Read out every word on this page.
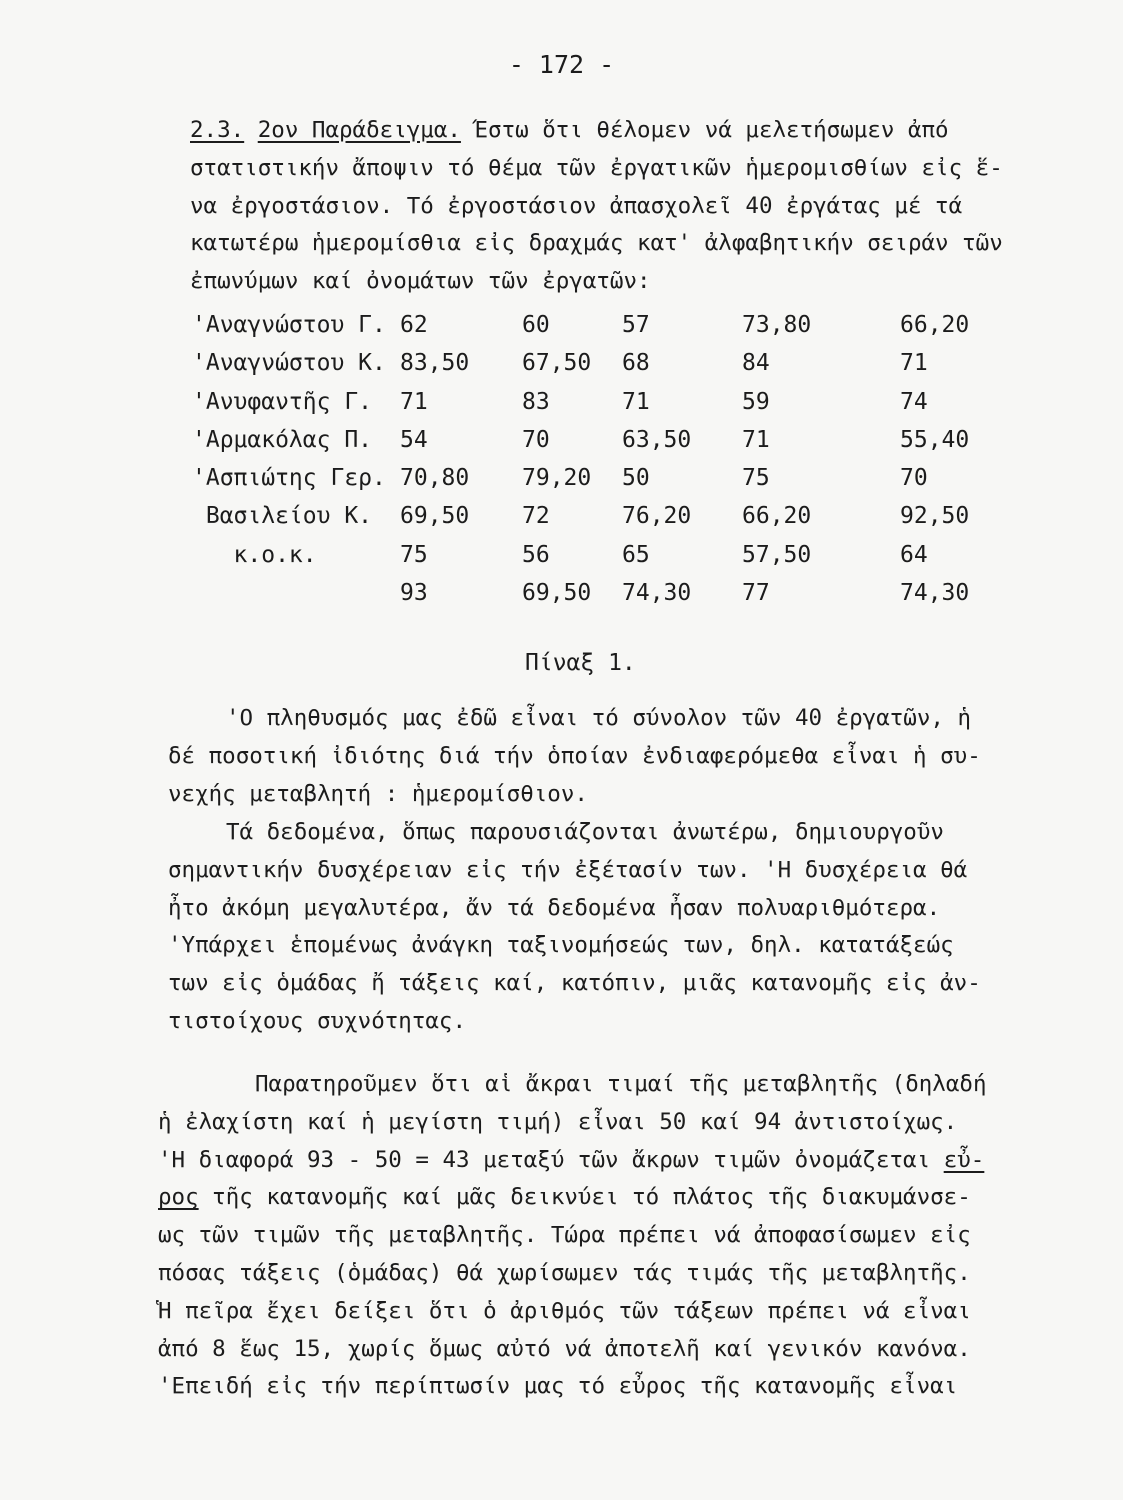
- 172 -
2.3. 2ον Παράδειγμα. Έστω ὅτι θέλομεν νά μελετήσωμεν ἀπό
στατιστικήν ἄποψιν τό θέμα τῶν ἐργατικῶν ἡμερομισθίων εἰς ἕ-
να ἐργοστάσιον. Τό ἐργοστάσιον ἀπασχολεῖ 40 ἐργάτας μέ τά
κατωτέρω ἡμερομίσθια εἰς δραχμάς κατ' ἀλφαβητικήν σειράν τῶν
ἐπωνύμων καί ὀνομάτων τῶν ἐργατῶν:
'Αναγνώστου Γ. 62	60	57	73,80	66,20
'Αναγνώστου Κ. 83,50 67,50 68	84	71
'Ανυφαντῆς Γ. 71	83	71	59	74
'Αρμακόλας Π. 54	70	63,50 71	55,40
'Ασπιώτης Γερ. 70,80 79,20 50	75	70
Βασιλείου Κ. 69,50 72	76,20 66,20	92,50
κ.ο.κ.	75	56	65	57,50	64
93	69,50 74,30 77	74,30
Πίναξ 1.
'Ο πληθυσμός μας ἐδῶ εἶναι τό σύνολον τῶν 40 ἐργατῶν, ἡ
δέ ποσοτική ἰδιότης διά τήν ὁποίαν ἐνδιαφερόμεθα εἶναι ἡ συ-
νεχής μεταβλητή : ἡμερομίσθιον.
Τά δεδομένα, ὅπως παρουσιάζονται ἀνωτέρω, δημιουργοῦν
σημαντικήν δυσχέρειαν εἰς τήν ἐξέτασίν των. 'Η δυσχέρεια θά
ἦτο ἀκόμη μεγαλυτέρα, ἄν τά δεδομένα ἦσαν πολυαριθμότερα.
'Υπάρχει ἑπομένως ἀνάγκη ταξινομήσεώς των, δηλ. κατατάξεώς
των εἰς ὁμάδας ἤ τάξεις καί, κατόπιν, μιᾶς κατανομῆς εἰς ἀν-
τιστοίχους συχνότητας.
Παρατηροῦμεν ὅτι αἱ ἄκραι τιμαί τῆς μεταβλητῆς (δηλαδή
ἡ ἐλαχίστη καί ἡ μεγίστη τιμή) εἶναι 50 καί 94 ἀντιστοίχως.
'Η διαφορά 93 - 50 = 43 μεταξύ τῶν ἄκρων τιμῶν ὀνομάζεται εὖ-
ρος τῆς κατανομῆς καί μᾶς δεικνύει τό πλάτος τῆς διακυμάνσε-
ως τῶν τιμῶν τῆς μεταβλητῆς. Τώρα πρέπει νά ἀποφασίσωμεν εἰς
πόσας τάξεις (ὁμάδας) θά χωρίσωμεν τάς τιμάς τῆς μεταβλητῆς.
Ἡ πεῖρα ἔχει δείξει ὅτι ὁ ἀριθμός τῶν τάξεων πρέπει νά εἶναι
ἀπό 8 ἕως 15, χωρίς ὅμως αὐτό νά ἀποτελῆ καί γενικόν κανόνα.
'Επειδή εἰς τήν περίπτωσίν μας τό εὖρος τῆς κατανομῆς εἶναι
